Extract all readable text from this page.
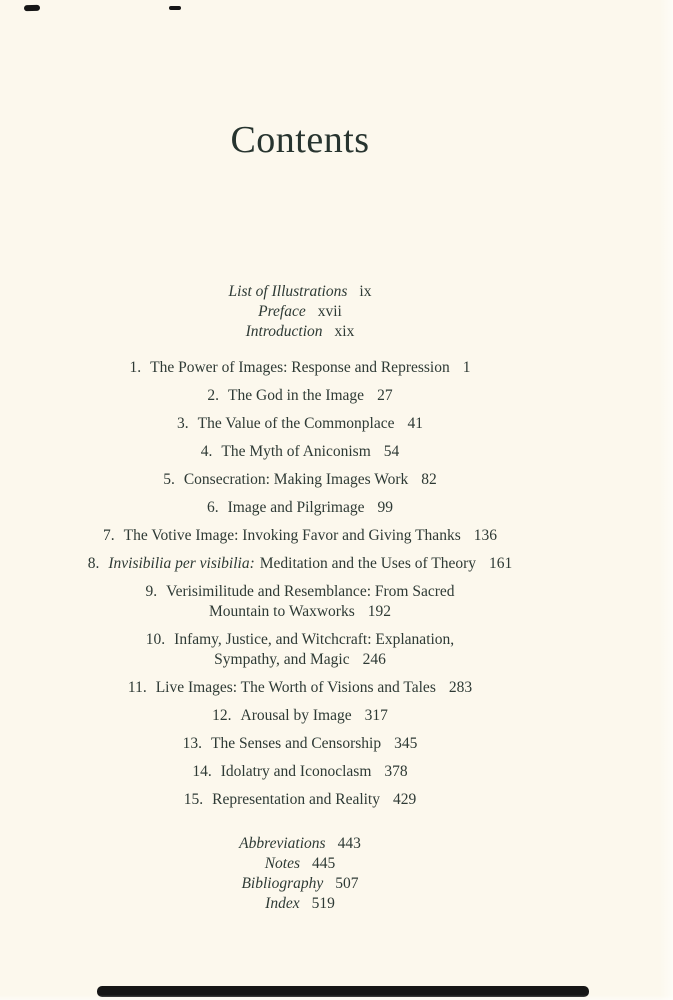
Contents
List of Illustrations ix
Preface xvii
Introduction xix
1. The Power of Images: Response and Repression 1
2. The God in the Image 27
3. The Value of the Commonplace 41
4. The Myth of Aniconism 54
5. Consecration: Making Images Work 82
6. Image and Pilgrimage 99
7. The Votive Image: Invoking Favor and Giving Thanks 136
8. Invisibilia per visibilia: Meditation and the Uses of Theory 161
9. Verisimilitude and Resemblance: From Sacred
Mountain to Waxworks 192
10. Infamy, Justice, and Witchcraft: Explanation,
Sympathy, and Magic 246
11. Live Images: The Worth of Visions and Tales 283
12. Arousal by Image 317
13. The Senses and Censorship 345
14. Idolatry and Iconoclasm 378
15. Representation and Reality 429
Abbreviations 443
Notes 445
Bibliography 507
Index 519
